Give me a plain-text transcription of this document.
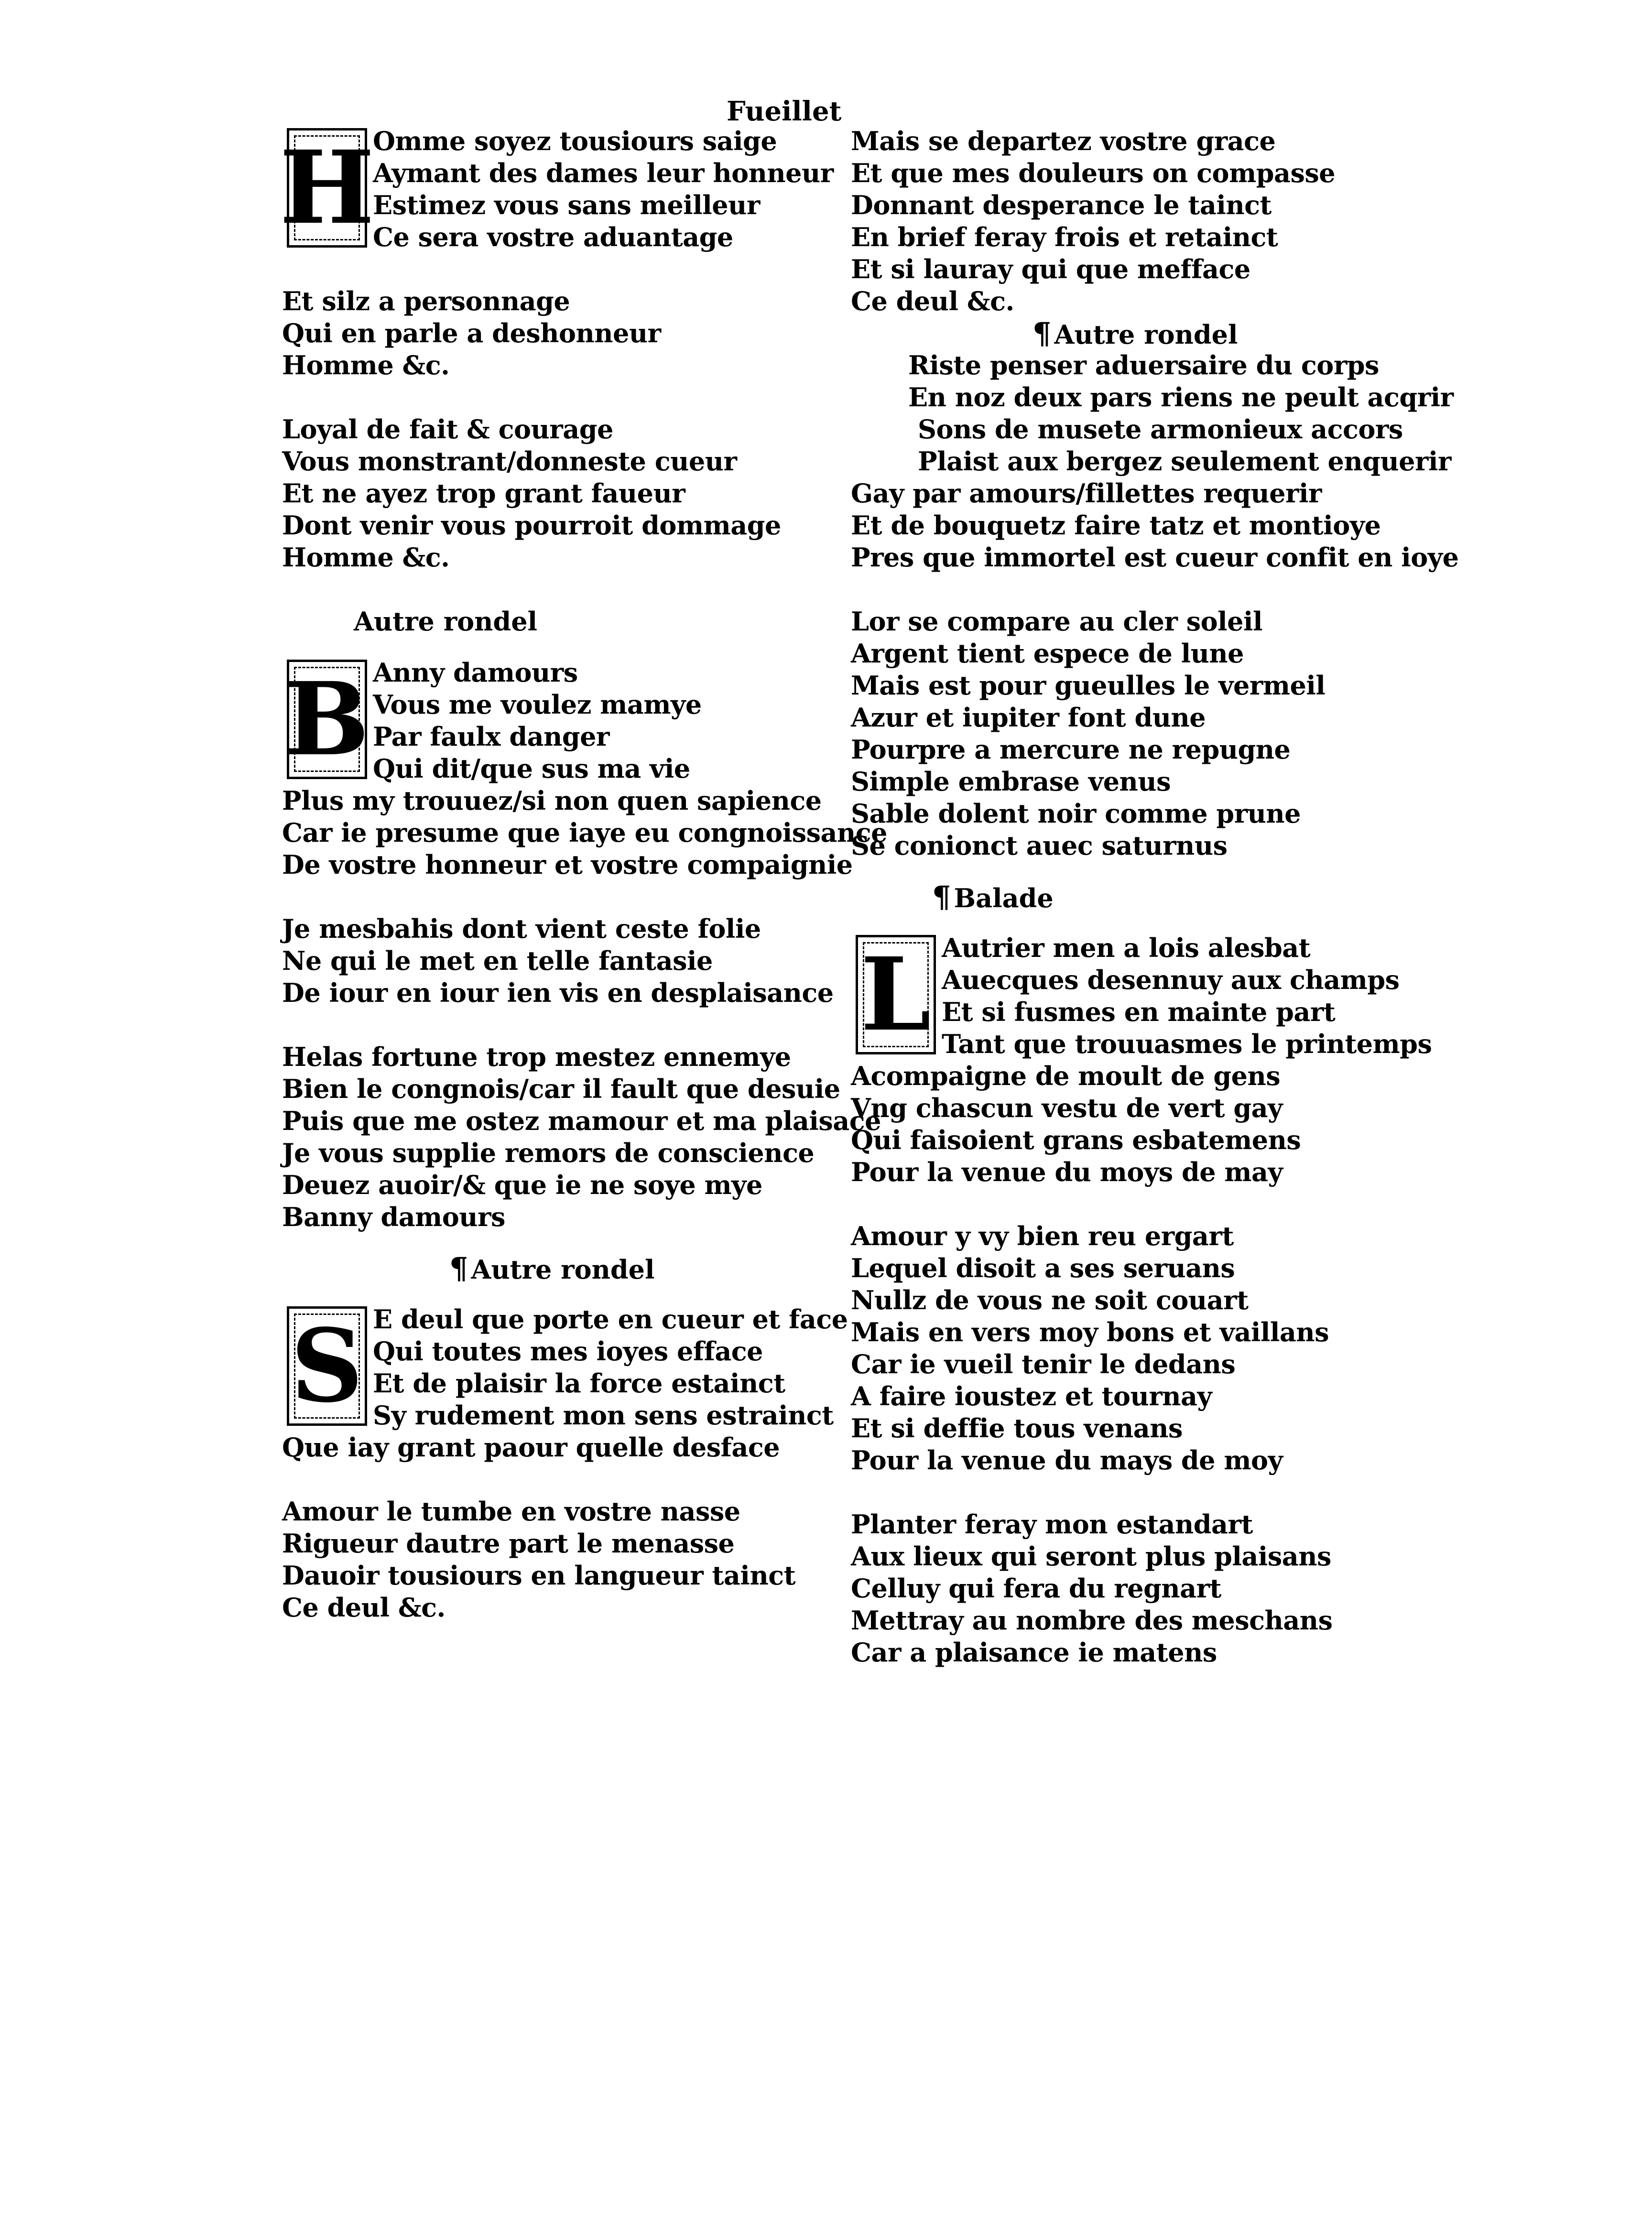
Fueillet
H
Omme soyez tousiours saige
Aymant des dames leur honneur
Estimez vous sans meilleur
Ce sera vostre aduantage
Et silz a personnage
Qui en parle a deshonneur
Homme &c.
Loyal de fait & courage
Vous monstrant/donneste cueur
Et ne ayez trop grant faueur
Dont venir vous pourroit dommage
Homme &c.
Autre rondel
B Anny damours
Vous me voulez mamye
Par faulx danger
Qui dit/que sus ma vie
Plus my trouuez/si non quen sapience
Car ie presume que iaye eu congnoissance
De vostre honneur et vostre compaignie
Je mesbahis dont vient ceste folie
Ne qui le met en telle fantasie
De iour en iour ien vis en desplaisance
Helas fortune trop mestez ennemye
Bien le congnois/car il fault que desuie
Puis que me ostez mamour et ma plaisace
Je vous supplie remors de conscience
Deuez auoir/& que ie ne soye mye
Banny damours
¶ Autre rondel
S E deul que porte en cueur et face
Qui toutes mes ioyes efface
Et de plaisir la force estainct
Sy rudement mon sens estrainct
Que iay grant paour quelle desface
Amour le tumbe en vostre nasse
Rigueur dautre part le menasse
Dauoir tousiours en langueur tainct
Ce deul &c.
Mais se departez vostre grace
Et que mes douleurs on compasse
Donnant desperance le tainct
En brief feray frois et retainct
Et si lauray qui que mefface
Ce deul &c.
¶ Autre rondel
Riste penser aduersaire du corps
En noz deux pars riens ne peult acqrir
Sons de musete armonieux accors
Plaist aux bergez seulement enquerir
Gay par amours/fillettes requerir
Et de bouquetz faire tatz et montioye
Pres que immortel est cueur confit en ioye
Lor se compare au cler soleil
Argent tient espece de lune
Mais est pour gueulles le vermeil
Azur et iupiter font dune
Pourpre a mercure ne repugne
Simple embrase venus
Sable dolent noir comme prune
Se conionct auec saturnus
¶ Balade
L Autrier men a lois alesbat
Auecques desennuy aux champs
Et si fusmes en mainte part
Tant que trouuasmes le printemps
Acompaigne de moult de gens
Vng chascun vestu de vert gay
Qui faisoient grans esbatemens
Pour la venue du moys de may
Amour y vy bien reu ergart
Lequel disoit a ses seruans
Nullz de vous ne soit couart
Mais en vers moy bons et vaillans
Car ie vueil tenir le dedans
A faire ioustez et tournay
Et si deffie tous venans
Pour la venue du mays de moy
Planter feray mon estandart
Aux lieux qui seront plus plaisans
Celluy qui fera du regnart
Mettray au nombre des meschans
Car a plaisance ie matens
